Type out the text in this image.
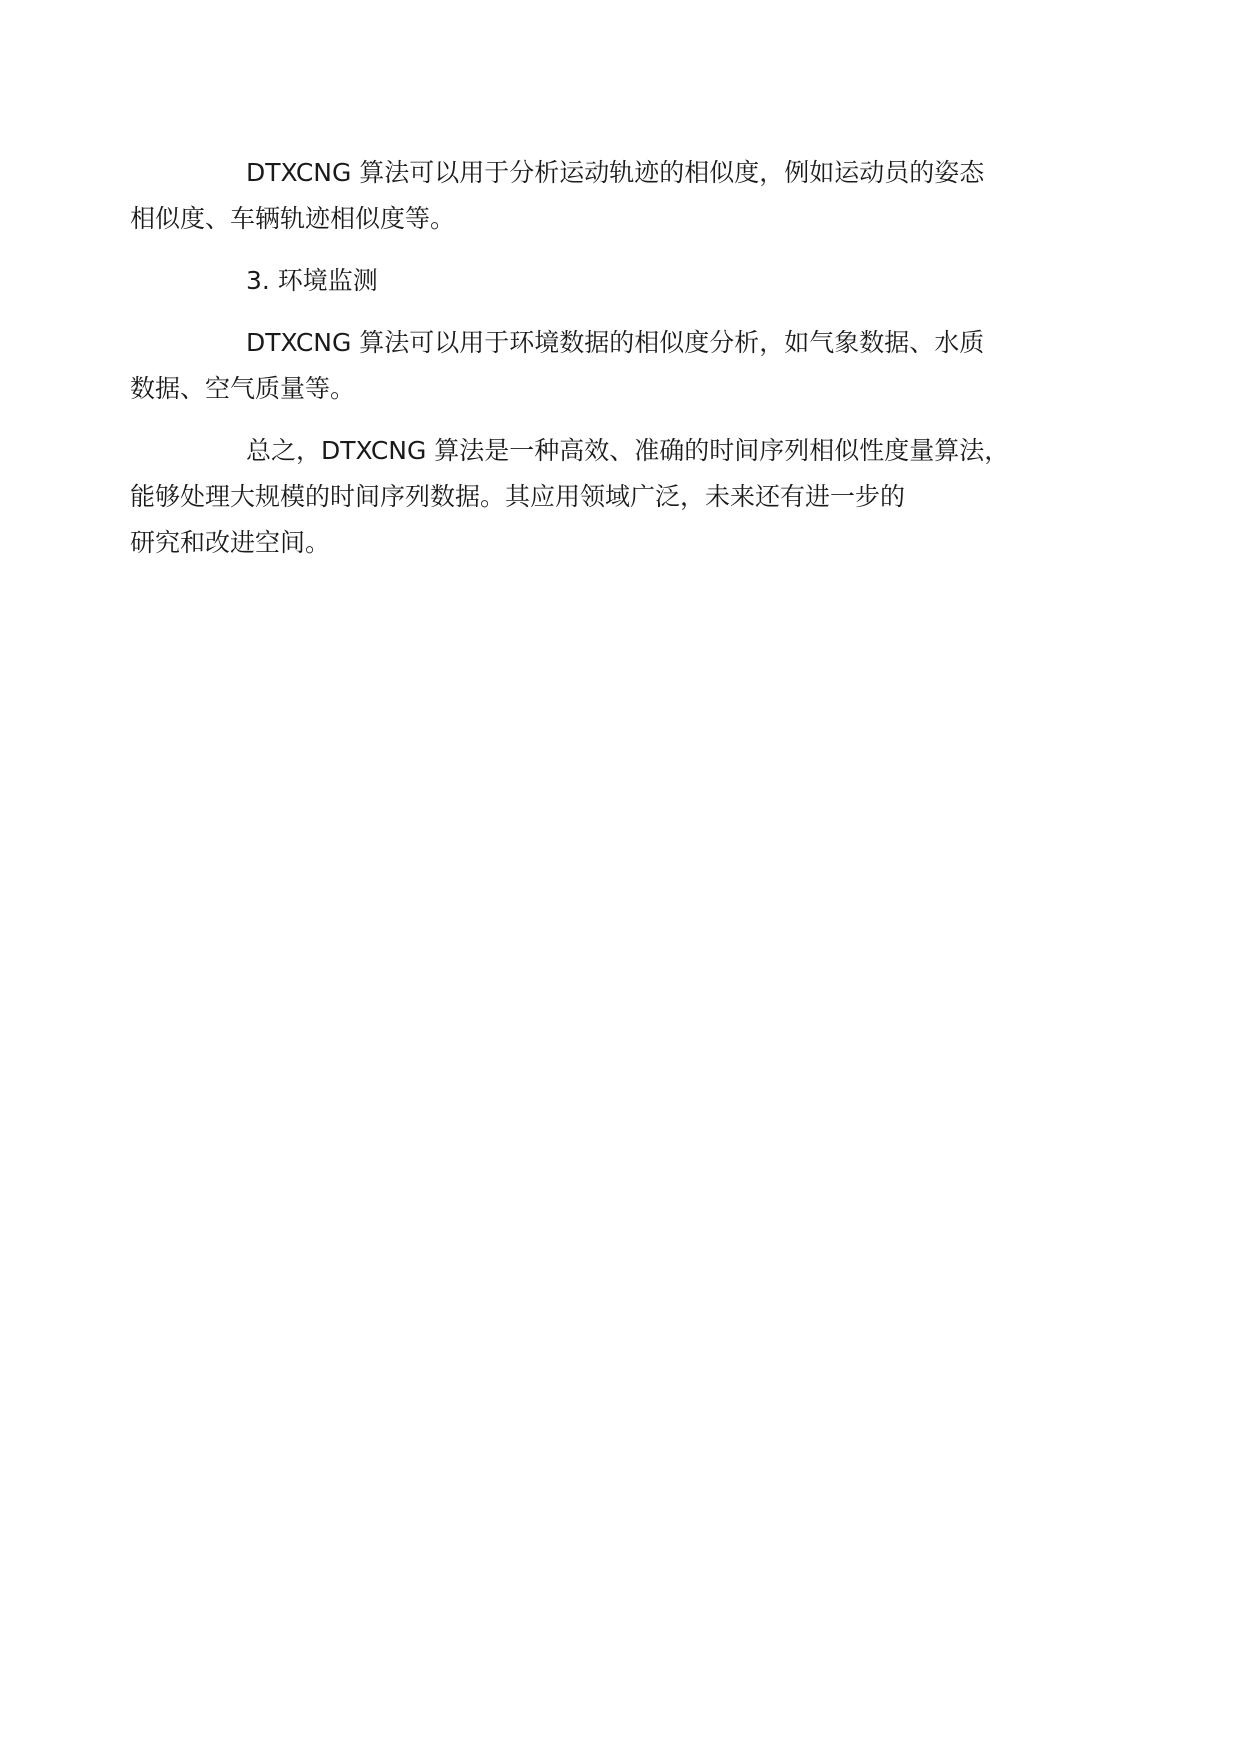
DTXCNG 算法可以用于分析运动轨迹的相似度，例如运动员的姿态
相似度、车辆轨迹相似度等。

3. 环境监测

DTXCNG 算法可以用于环境数据的相似度分析，如气象数据、水质
数据、空气质量等。

总之，DTXCNG 算法是一种高效、准确的时间序列相似性度量算法，
能够处理大规模的时间序列数据。其应用领域广泛，未来还有进一步的
研究和改进空间。
